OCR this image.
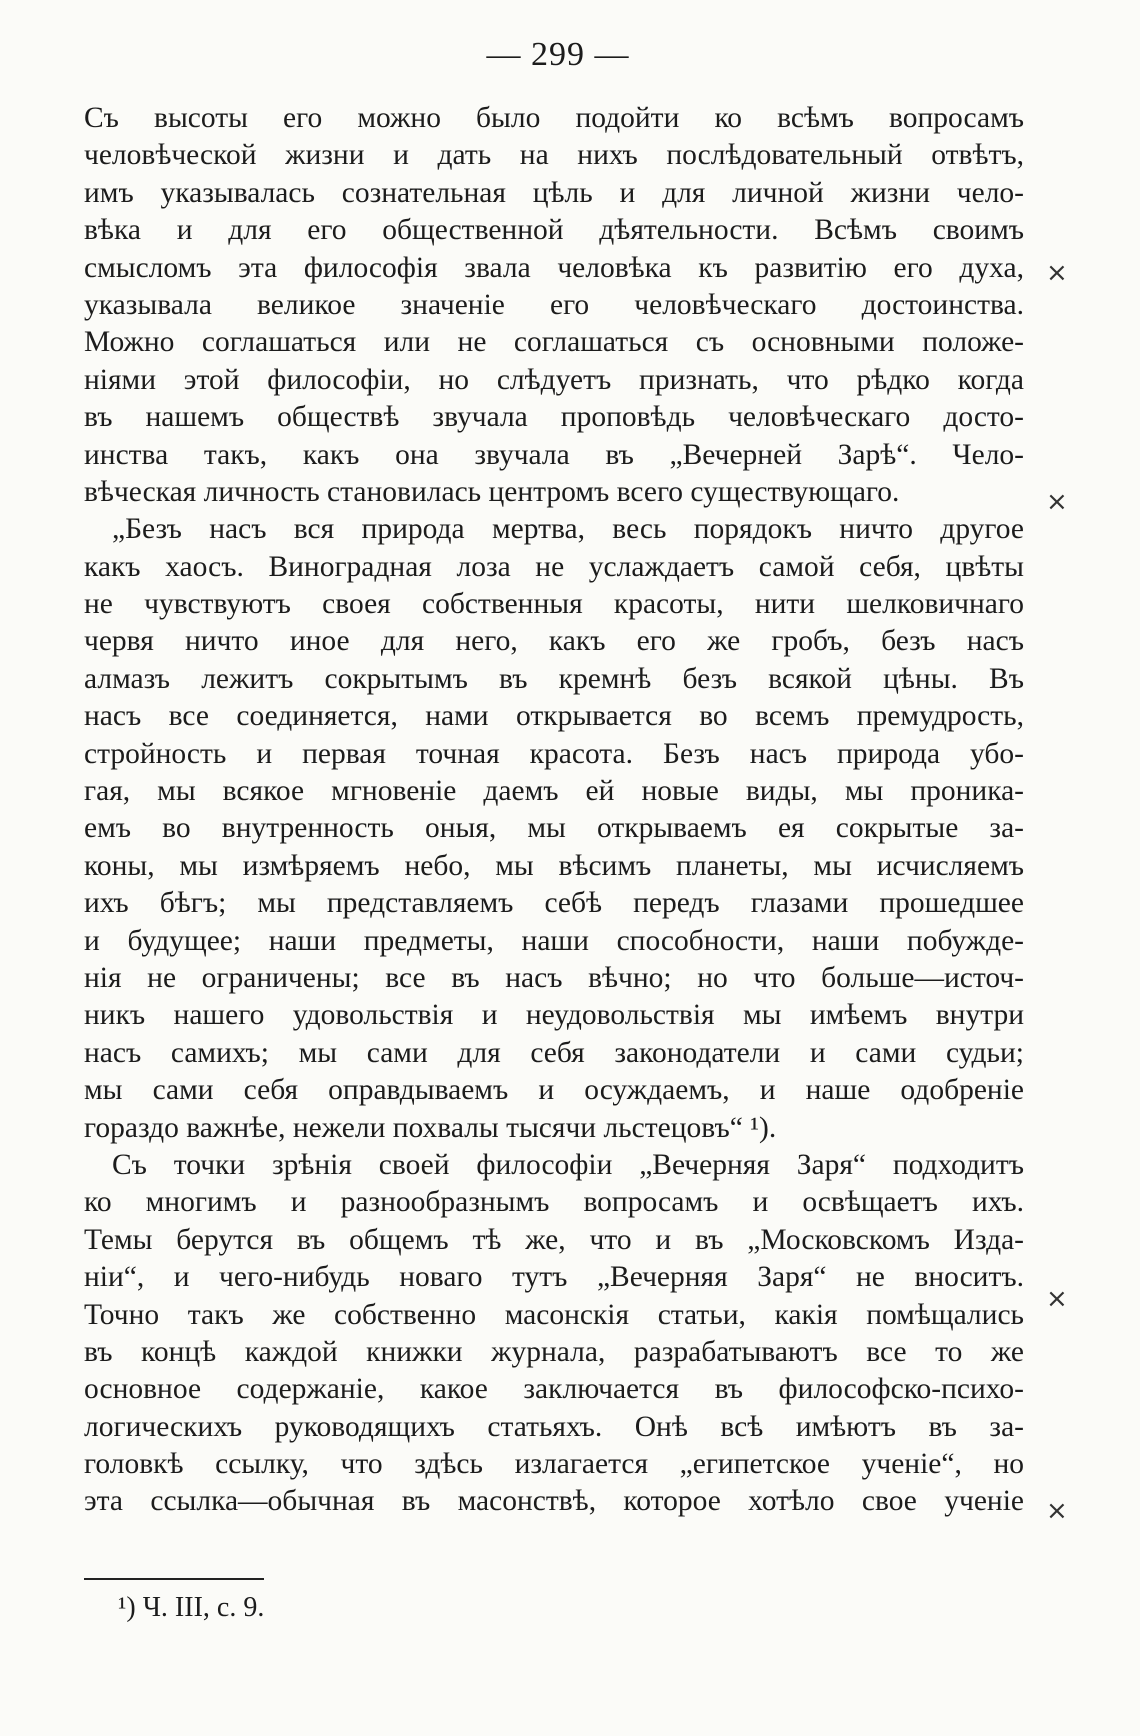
— 299 —
Съ высоты его можно было подойти ко всѣмъ вопросамъ
человѣческой жизни и дать на нихъ послѣдовательный отвѣтъ,
имъ указывалась сознательная цѣль и для личной жизни чело-
вѣка и для его общественной дѣятельности. Всѣмъ своимъ
смысломъ эта философія звала человѣка къ развитію его духа,
указывала великое значеніе его человѣческаго достоинства.
Можно соглашаться или не соглашаться съ основными положе-
ніями этой философіи, но слѣдуетъ признать, что рѣдко когда
въ нашемъ обществѣ звучала проповѣдь человѣческаго досто-
инства такъ, какъ она звучала въ „Вечерней Зарѣ“. Чело-
вѣческая личность становилась центромъ всего существующаго.
„Безъ насъ вся природа мертва, весь порядокъ ничто другое
какъ хаосъ. Виноградная лоза не услаждаетъ самой себя, цвѣты
не чувствуютъ своея собственныя красоты, нити шелковичнаго
червя ничто иное для него, какъ его же гробъ, безъ насъ
алмазъ лежитъ сокрытымъ въ кремнѣ безъ всякой цѣны. Въ
насъ все соединяется, нами открывается во всемъ премудрость,
стройность и первая точная красота. Безъ насъ природа убо-
гая, мы всякое мгновеніе даемъ ей новые виды, мы проника-
емъ во внутренность оныя, мы открываемъ ея сокрытые за-
коны, мы измѣряемъ небо, мы вѣсимъ планеты, мы исчисляемъ
ихъ бѣгъ; мы представляемъ себѣ передъ глазами прошедшее
и будущее; наши предметы, наши способности, наши побужде-
нія не ограничены; все въ насъ вѣчно; но что больше—источ-
никъ нашего удовольствія и неудовольствія мы имѣемъ внутри
насъ самихъ; мы сами для себя законодатели и сами судьи;
мы сами себя оправдываемъ и осуждаемъ, и наше одобреніе
гораздо важнѣе, нежели похвалы тысячи льстецовъ“ ¹).
Съ точки зрѣнія своей философіи „Вечерняя Заря“ подходитъ
ко многимъ и разнообразнымъ вопросамъ и освѣщаетъ ихъ.
Темы берутся въ общемъ тѣ же, что и въ „Московскомъ Изда-
ніи“, и чего-нибудь новаго тутъ „Вечерняя Заря“ не вноситъ.
Точно такъ же собственно масонскія статьи, какія помѣщались
въ концѣ каждой книжки журнала, разрабатываютъ все то же
основное содержаніе, какое заключается въ философско-психо-
логическихъ руководящихъ статьяхъ. Онѣ всѣ имѣютъ въ за-
головкѣ ссылку, что здѣсь излагается „египетское ученіе“, но
эта ссылка—обычная въ масонствѣ, которое хотѣло свое ученіе
×
×
×
×
¹) Ч. III, с. 9.
